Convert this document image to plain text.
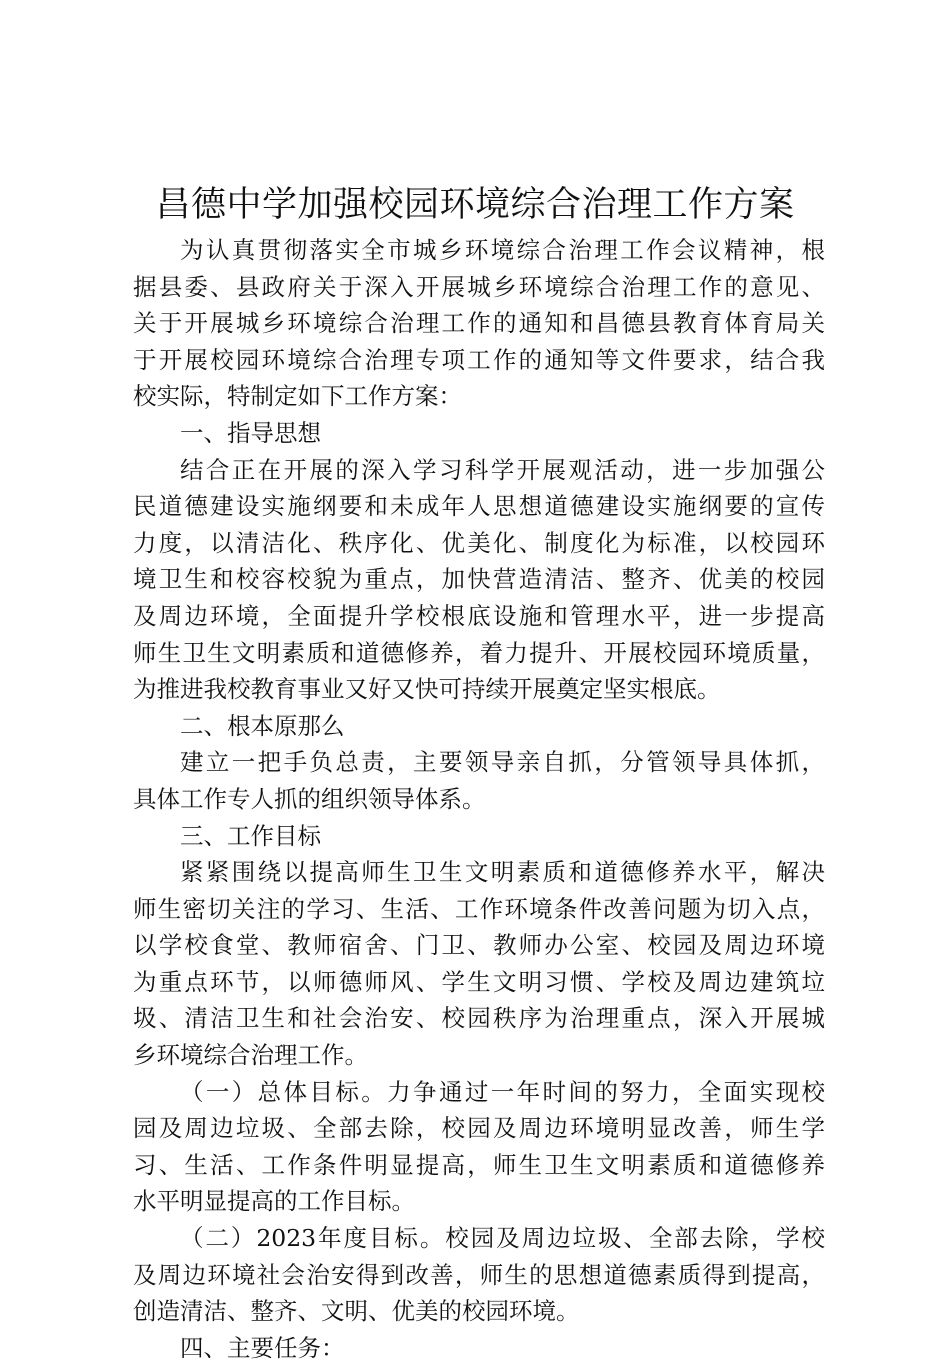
昌德中学加强校园环境综合治理工作方案
为认真贯彻落实全市城乡环境综合治理工作会议精神，根
据县委、县政府关于深入开展城乡环境综合治理工作的意见、
关于开展城乡环境综合治理工作的通知和昌德县教育体育局关
于开展校园环境综合治理专项工作的通知等文件要求，结合我
校实际，特制定如下工作方案：
一、指导思想
结合正在开展的深入学习科学开展观活动，进一步加强公
民道德建设实施纲要和未成年人思想道德建设实施纲要的宣传
力度，以清洁化、秩序化、优美化、制度化为标准，以校园环
境卫生和校容校貌为重点，加快营造清洁、整齐、优美的校园
及周边环境，全面提升学校根底设施和管理水平，进一步提高
师生卫生文明素质和道德修养，着力提升、开展校园环境质量，
为推进我校教育事业又好又快可持续开展奠定坚实根底。
二、根本原那么
建立一把手负总责，主要领导亲自抓，分管领导具体抓，
具体工作专人抓的组织领导体系。
三、工作目标
紧紧围绕以提高师生卫生文明素质和道德修养水平，解决
师生密切关注的学习、生活、工作环境条件改善问题为切入点，
以学校食堂、教师宿舍、门卫、教师办公室、校园及周边环境
为重点环节，以师德师风、学生文明习惯、学校及周边建筑垃
圾、清洁卫生和社会治安、校园秩序为治理重点，深入开展城
乡环境综合治理工作。
（一）总体目标。力争通过一年时间的努力，全面实现校
园及周边垃圾、全部去除，校园及周边环境明显改善，师生学
习、生活、工作条件明显提高，师生卫生文明素质和道德修养
水平明显提高的工作目标。
（二）2023年度目标。校园及周边垃圾、全部去除，学校
及周边环境社会治安得到改善，师生的思想道德素质得到提高，
创造清洁、整齐、文明、优美的校园环境。
四、主要任务：
